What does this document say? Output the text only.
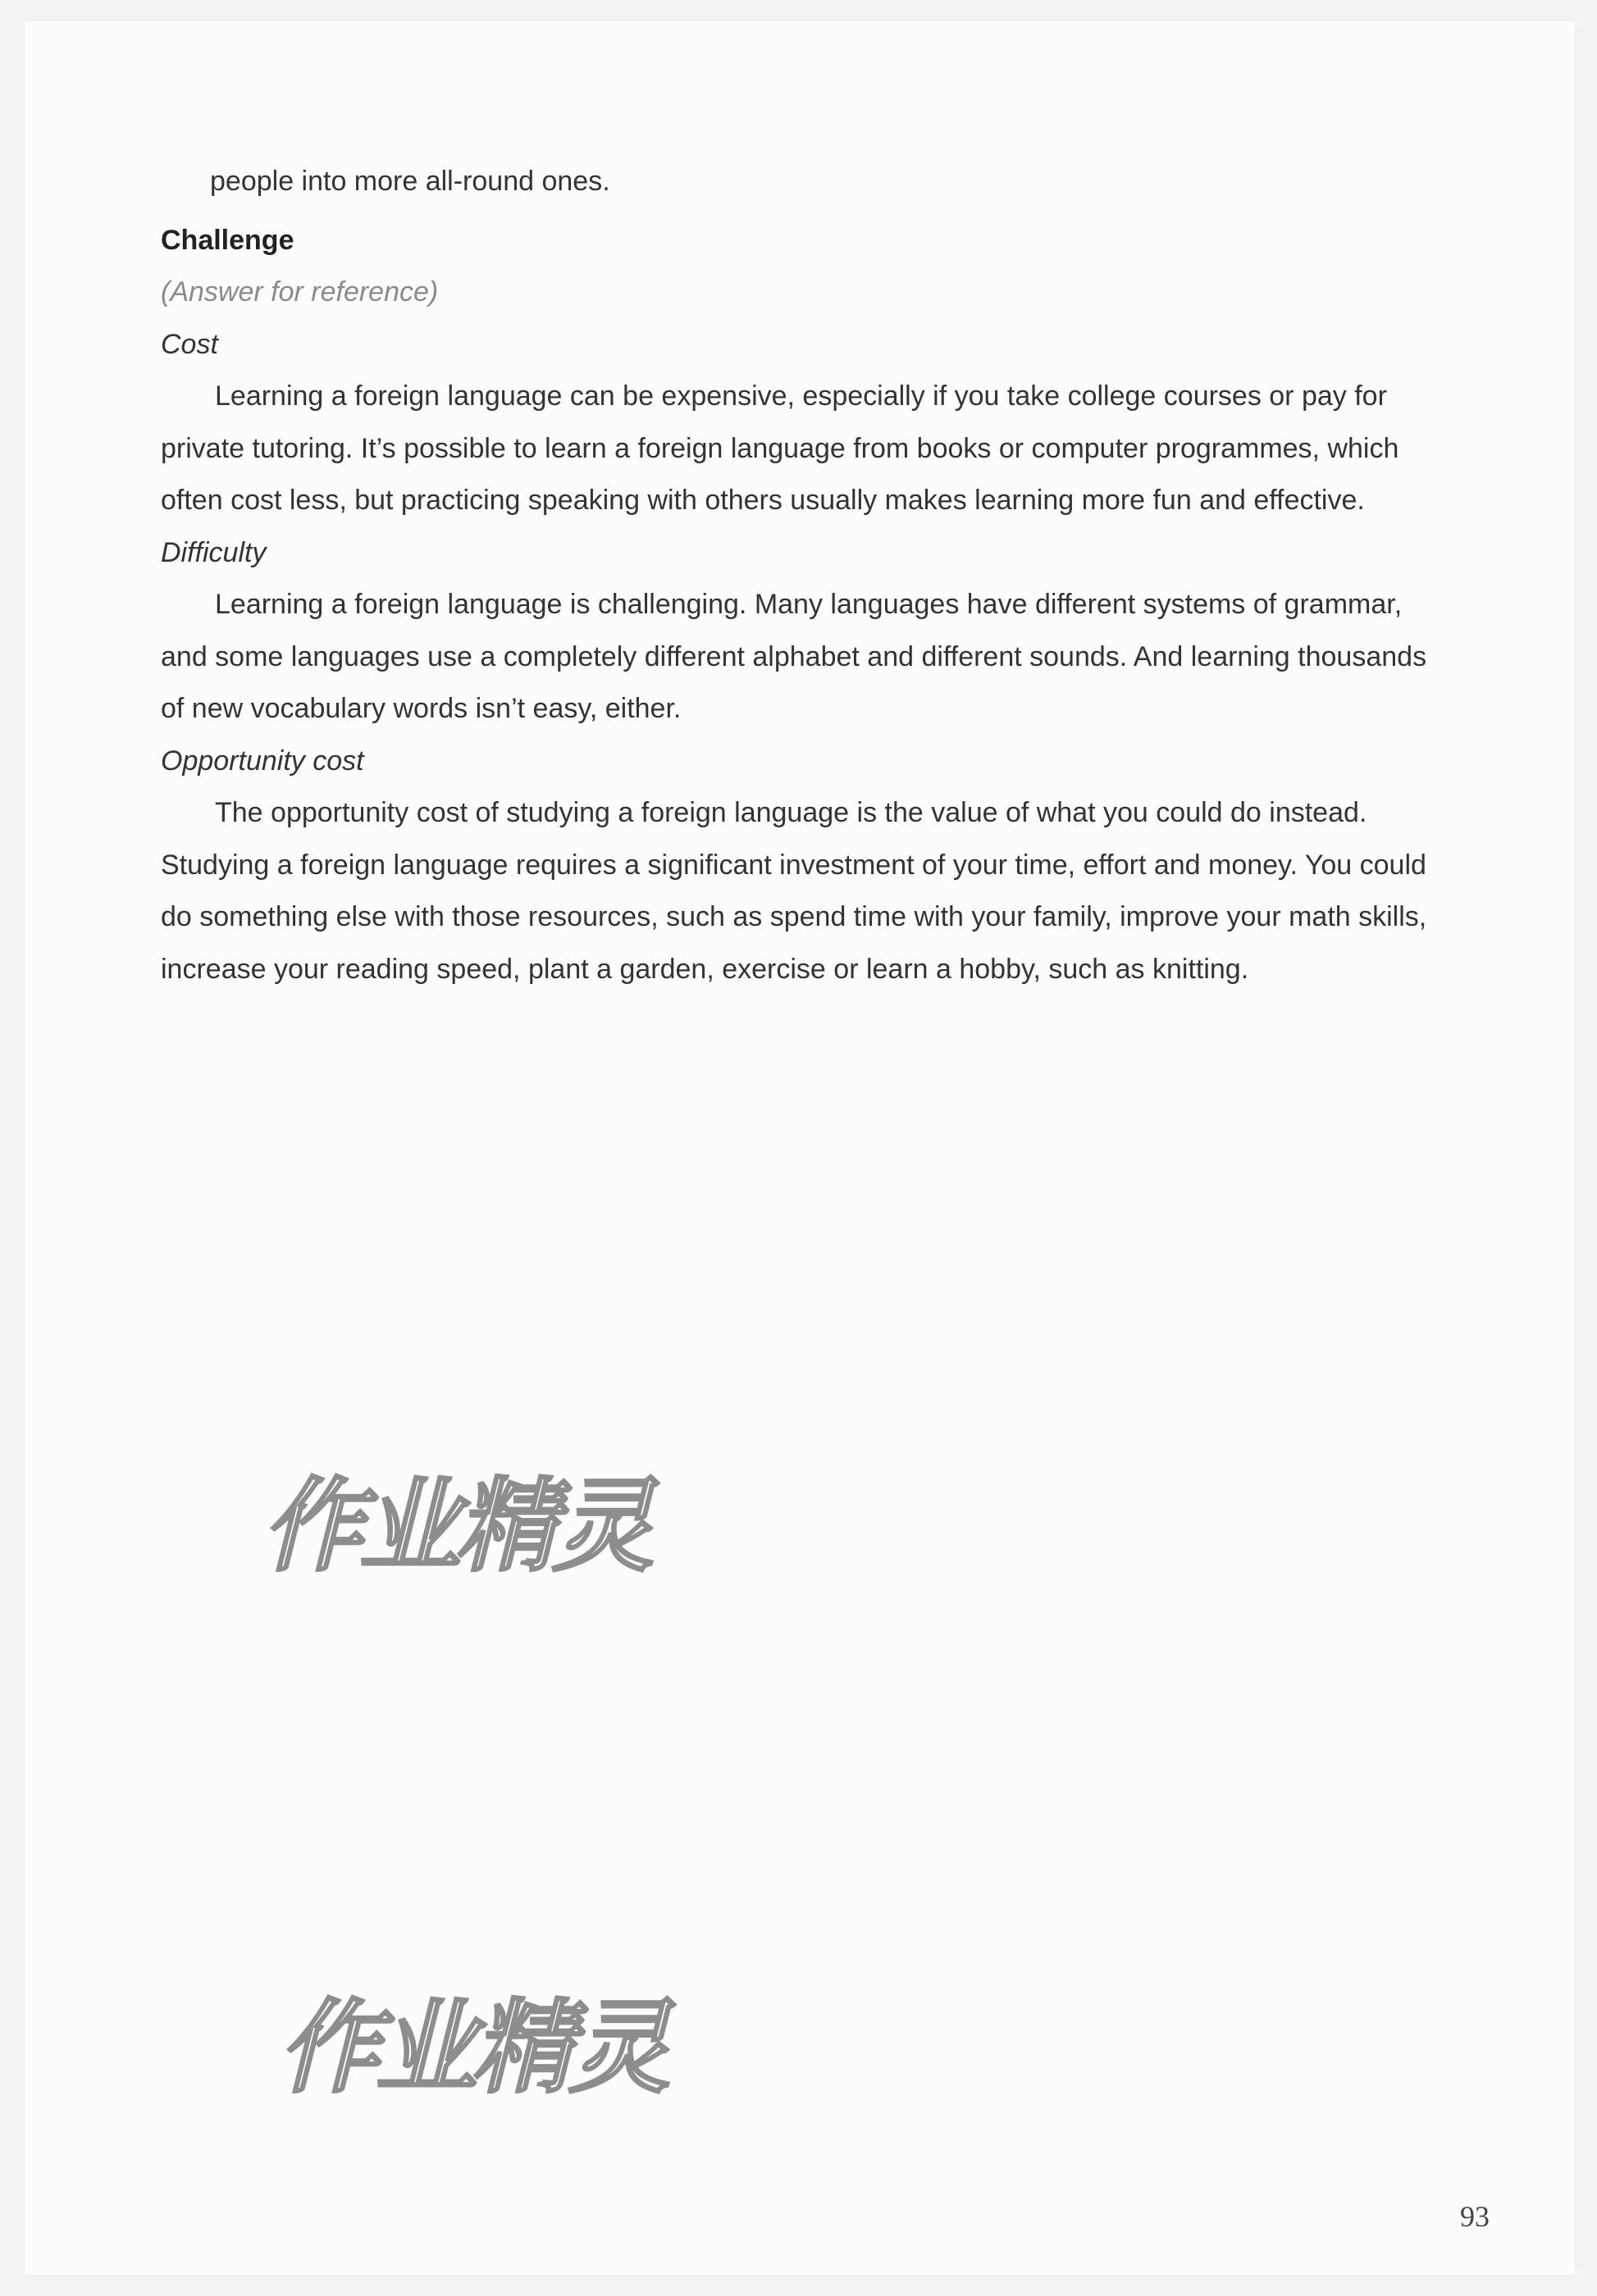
people into more all-round ones.

Challenge

(Answer for reference)

Cost

Learning a foreign language can be expensive, especially if you take college courses or pay for private tutoring. It’s possible to learn a foreign language from books or computer programmes, which often cost less, but practicing speaking with others usually makes learning more fun and effective.

Difficulty

Learning a foreign language is challenging. Many languages have different systems of grammar, and some languages use a completely different alphabet and different sounds. And learning thousands of new vocabulary words isn’t easy, either.

Opportunity cost

The opportunity cost of studying a foreign language is the value of what you could do instead. Studying a foreign language requires a significant investment of your time, effort and money. You could do something else with those resources, such as spend time with your family, improve your math skills, increase your reading speed, plant a garden, exercise or learn a hobby, such as knitting.

作业精灵
作业精灵
93
